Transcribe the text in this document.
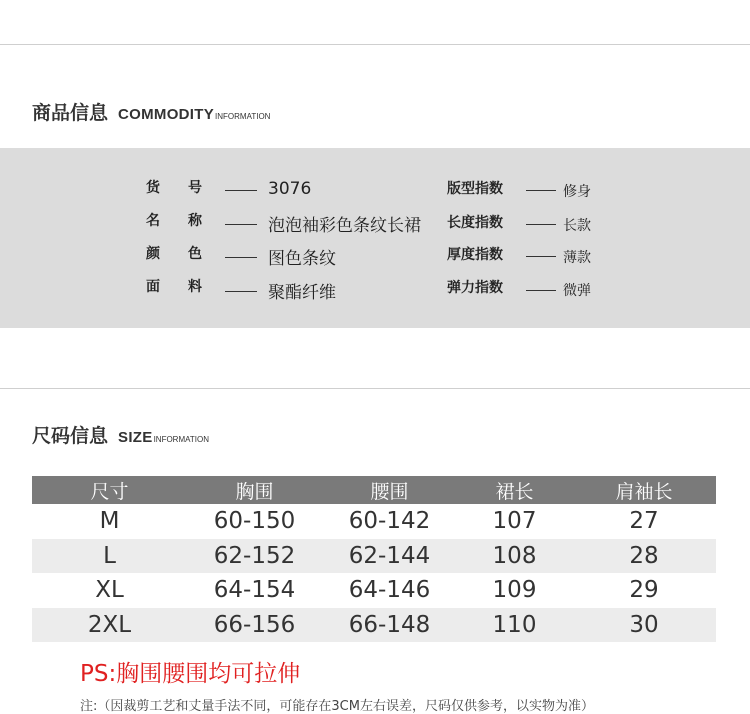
商品信息 COMMODITY INFORMATION
货　　号	3076
名　　称	泡泡袖彩色条纹长裙
颜　　色	图色条纹
面　　料	聚酯纤维
版型指数	修身
长度指数	长款
厚度指数	薄款
弹力指数	微弹
尺码信息 SIZE INFORMATION
尺寸	胸围	腰围	裙长	肩袖长
M	60-150	60-142	107	27
L	62-152	62-144	108	28
XL	64-154	64-146	109	29
2XL	66-156	66-148	110	30
PS:胸围腰围均可拉伸
注:（因裁剪工艺和丈量手法不同，可能存在3CM左右误差，尺码仅供参考，以实物为准）
